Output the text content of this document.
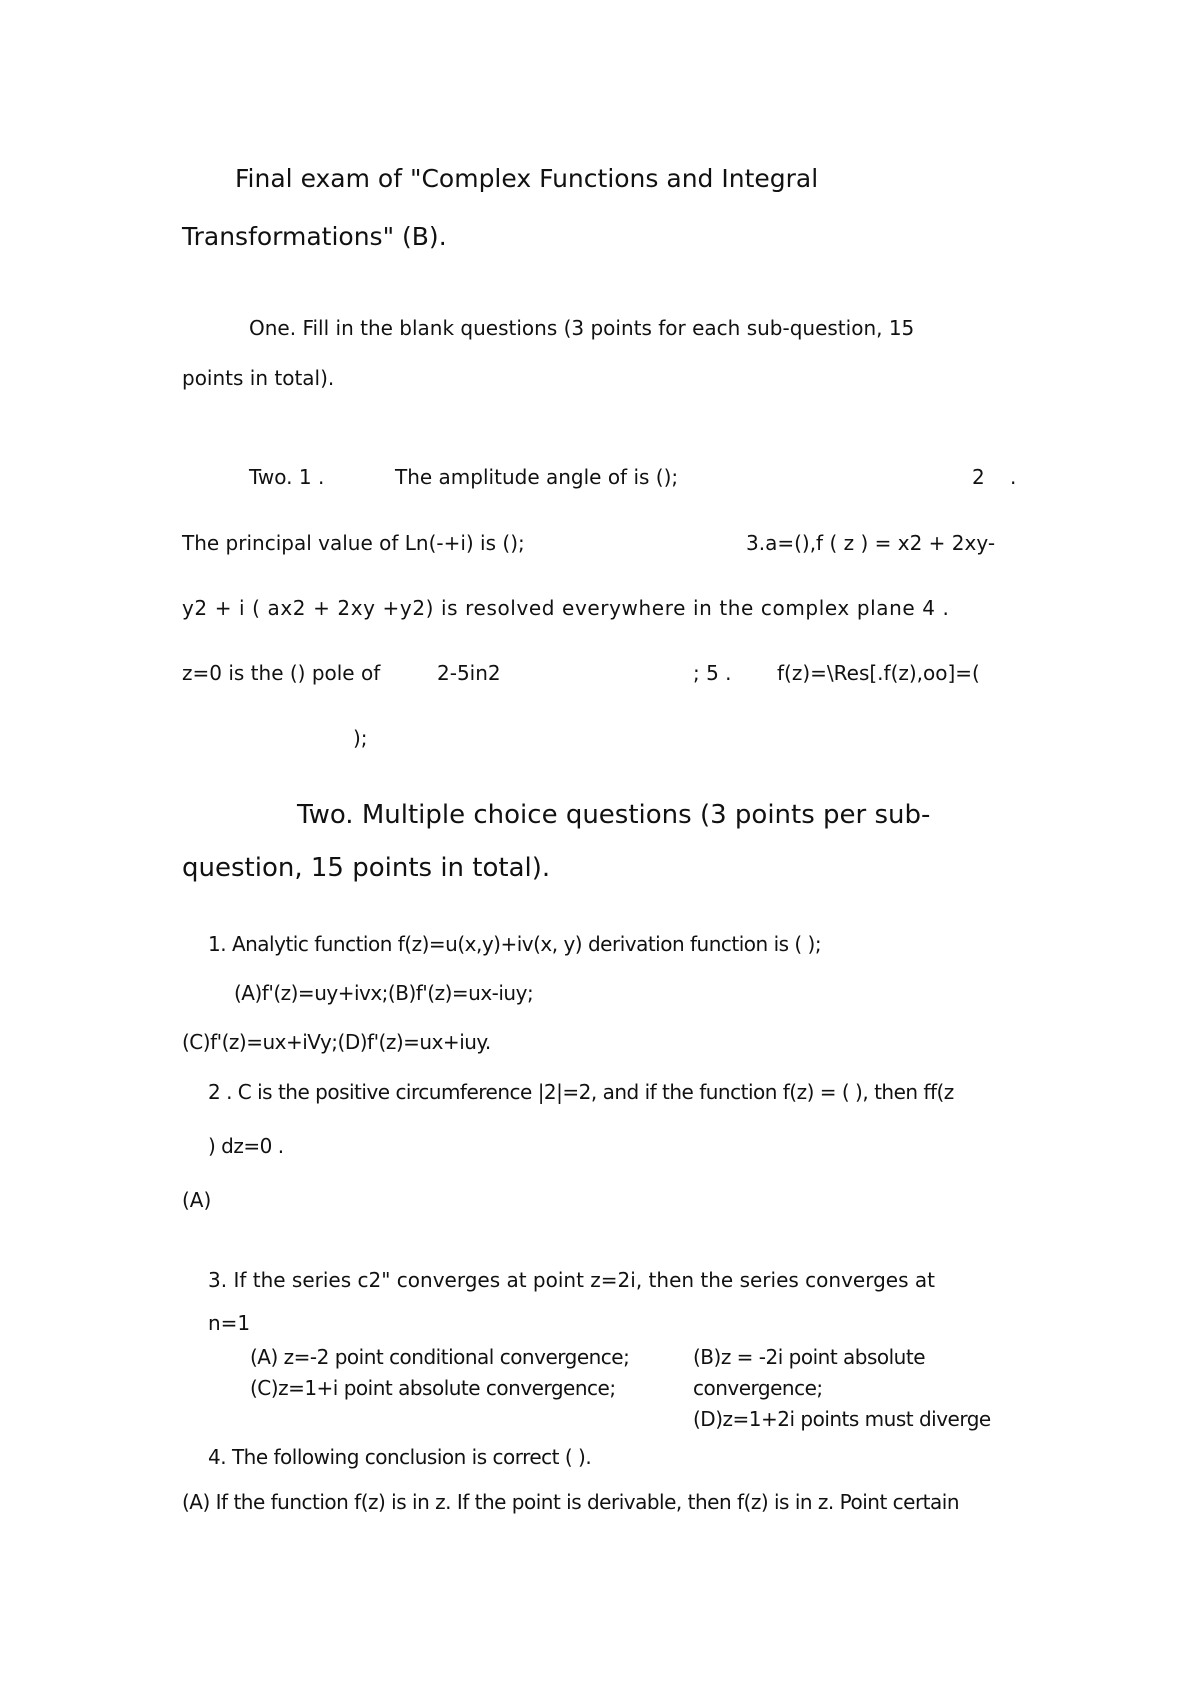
Final exam of "Complex Functions and Integral
Transformations" (B).
One. Fill in the blank questions (3 points for each sub-question, 15
points in total).
Two. 1 .	The amplitude angle of is ();	2 .
The principal value of Ln(-+i) is ();	3.a=(),f ( z ) = x2 + 2xy-
y2 + i ( ax2 + 2xy +y2) is resolved everywhere in the complex plane 4 .
z=0 is the () pole of	2-5in2	; 5 . f(z)=\Res[.f(z),oo]=(
);
Two. Multiple choice questions (3 points per sub-
question, 15 points in total).
1. Analytic function f(z)=u(x,y)+iv(x, y) derivation function is ( );
(A)f'(z)=uy+ivx;(B)f'(z)=ux-iuy;
(C)f'(z)=ux+iVy;(D)f'(z)=ux+iuy.
2 . C is the positive circumference |2|=2, and if the function f(z) = ( ), then ff(z
) dz=0 .
(A)
3. If the series c2" converges at point z=2i, then the series converges at
n=1
(A) z=-2 point conditional convergence;	(B)z = -2i point absolute
(C)z=1+i point absolute convergence;	convergence;
(D)z=1+2i points must diverge
4. The following conclusion is correct ( ).
(A) If the function f(z) is in z. If the point is derivable, then f(z) is in z. Point certain
